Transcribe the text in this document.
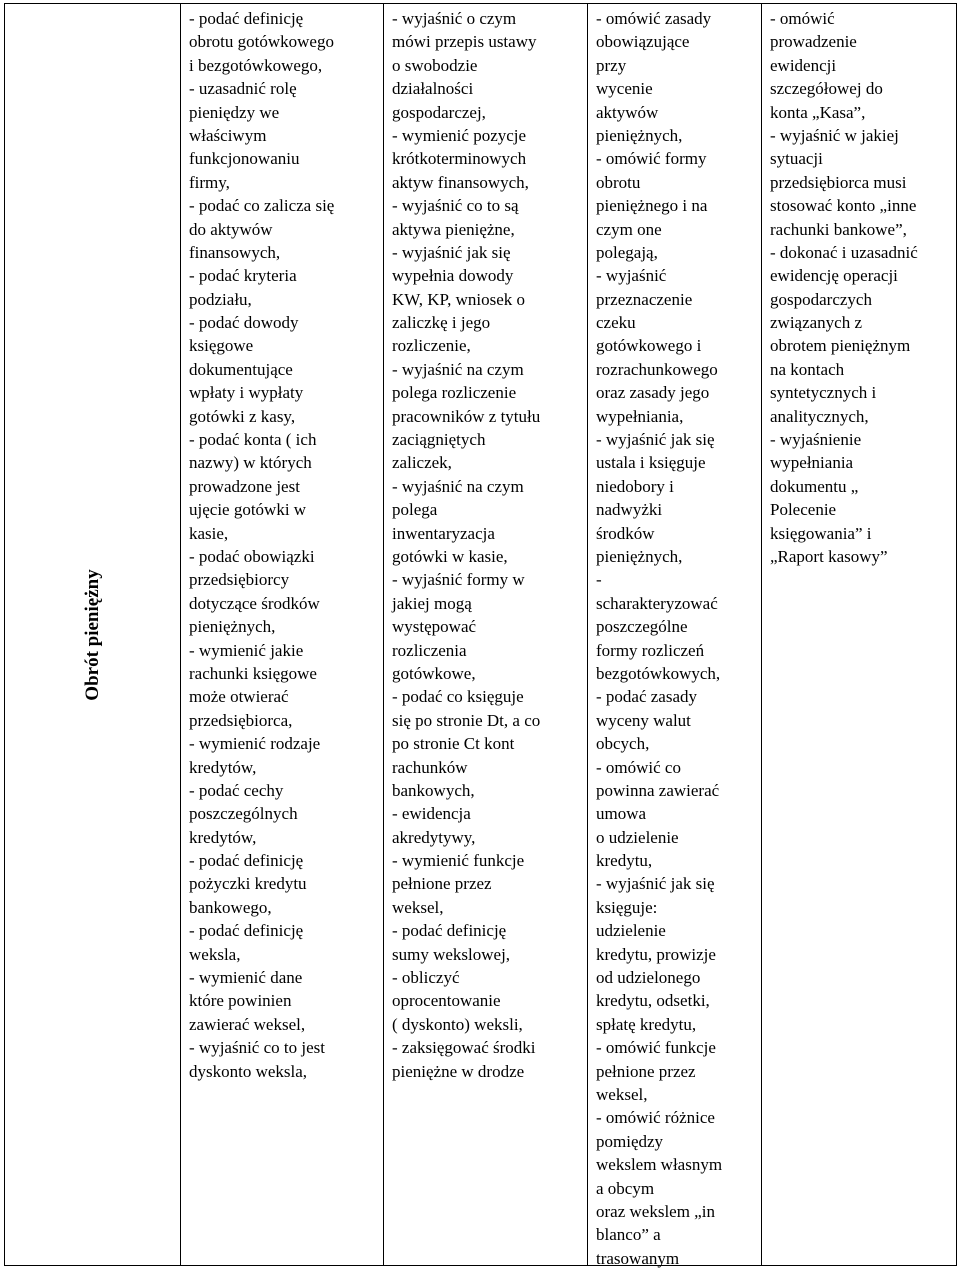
Obrót pieniężny

- podać definicję
obrotu gotówkowego
i bezgotówkowego,
- uzasadnić rolę
pieniędzy we
właściwym
funkcjonowaniu
firmy,
- podać co zalicza się
do aktywów
finansowych,
- podać kryteria
podziału,
- podać dowody
księgowe
dokumentujące
wpłaty i wypłaty
gotówki z kasy,
- podać konta ( ich
nazwy) w których
prowadzone jest
ujęcie gotówki w
kasie,
- podać obowiązki
przedsiębiorcy
dotyczące środków
pieniężnych,
- wymienić jakie
rachunki księgowe
może otwierać
przedsiębiorca,
- wymienić rodzaje
kredytów,
- podać cechy
poszczególnych
kredytów,
- podać definicję
pożyczki kredytu
bankowego,
- podać definicję
weksla,
- wymienić dane
które powinien
zawierać weksel,
- wyjaśnić co to jest
dyskonto weksla,

- wyjaśnić o czym
mówi przepis ustawy
o swobodzie
działalności
gospodarczej,
- wymienić pozycje
krótkoterminowych
aktyw finansowych,
- wyjaśnić co to są
aktywa pieniężne,
- wyjaśnić jak się
wypełnia dowody
KW, KP, wniosek o
zaliczkę i jego
rozliczenie,
- wyjaśnić na czym
polega rozliczenie
pracowników z tytułu
zaciągniętych
zaliczek,
- wyjaśnić na czym
polega
inwentaryzacja
gotówki w kasie,
- wyjaśnić formy w
jakiej mogą
występować
rozliczenia
gotówkowe,
- podać co księguje
się po stronie Dt, a co
po stronie Ct kont
rachunków
bankowych,
- ewidencja
akredytywy,
- wymienić funkcje
pełnione przez
weksel,
- podać definicję
sumy wekslowej,
- obliczyć
oprocentowanie
( dyskonto) weksli,
- zaksięgować środki
pieniężne w drodze

- omówić zasady
obowiązujące
przy
wycenie
aktywów
pieniężnych,
- omówić formy
obrotu
pieniężnego i na
czym one
polegają,
- wyjaśnić
przeznaczenie
czeku
gotówkowego i
rozrachunkowego
oraz zasady jego
wypełniania,
- wyjaśnić jak się
ustala i księguje
niedobory i
nadwyżki
środków
pieniężnych,
-
scharakteryzować
poszczególne
formy rozliczeń
bezgotówkowych,
- podać zasady
wyceny walut
obcych,
- omówić co
powinna zawierać
umowa
o udzielenie
kredytu,
- wyjaśnić jak się
księguje:
udzielenie
kredytu, prowizje
od udzielonego
kredytu, odsetki,
spłatę kredytu,
- omówić funkcje
pełnione przez
weksel,
- omówić różnice
pomiędzy
wekslem własnym
a obcym
oraz wekslem „in
blanco” a
trasowanym

- omówić
prowadzenie
ewidencji
szczegółowej do
konta „Kasa”,
- wyjaśnić w jakiej
sytuacji
przedsiębiorca musi
stosować konto „inne
rachunki bankowe”,
- dokonać i uzasadnić
ewidencję operacji
gospodarczych
związanych z
obrotem pieniężnym
na kontach
syntetycznych i
analitycznych,
- wyjaśnienie
wypełniania
dokumentu „
Polecenie
księgowania” i
„Raport kasowy”
